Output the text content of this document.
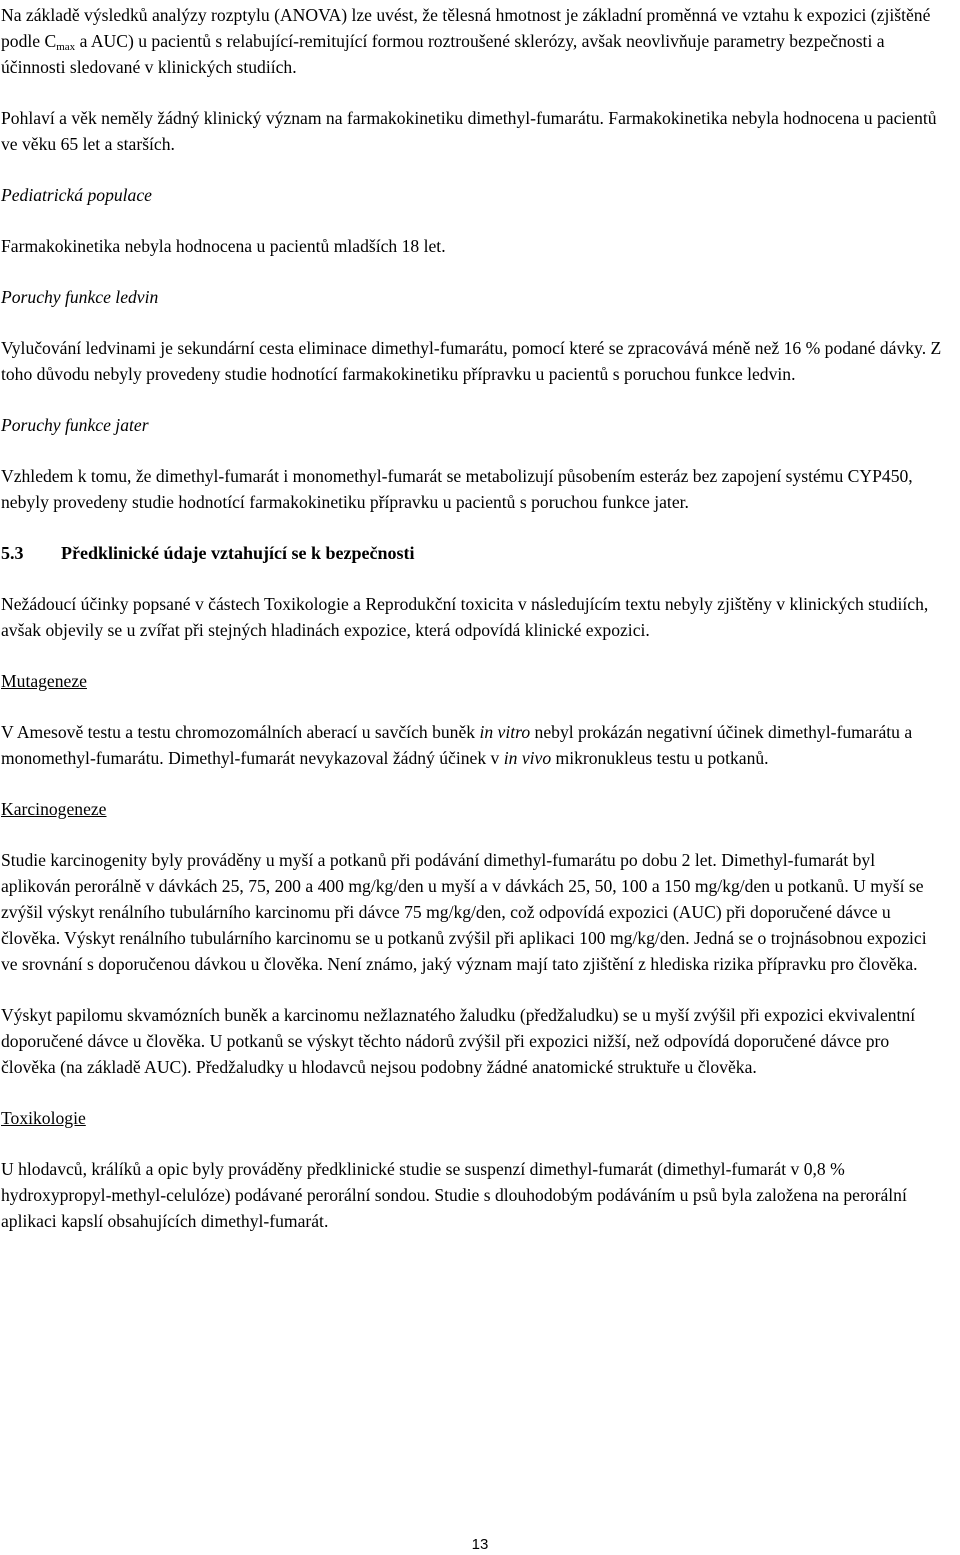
Na základě výsledků analýzy rozptylu (ANOVA) lze uvést, že tělesná hmotnost je základní proměnná ve vztahu k expozici (zjištěné podle $C_{max}$ a AUC) u pacientů s relabující-remitující formou roztroušené sklerózy, avšak neovlivňuje parametry bezpečnosti a účinnosti sledované v klinických studiích.

Pohlaví a věk neměly žádný klinický význam na farmakokinetiku dimethyl-fumarátu. Farmakokinetika nebyla hodnocena u pacientů ve věku 65 let a starších.

Pediatrická populace

Farmakokinetika nebyla hodnocena u pacientů mladších 18 let.

Poruchy funkce ledvin

Vylučování ledvinami je sekundární cesta eliminace dimethyl-fumarátu, pomocí které se zpracovává méně než 16 % podané dávky. Z toho důvodu nebyly provedeny studie hodnotící farmakokinetiku přípravku u pacientů s poruchou funkce ledvin.

Poruchy funkce jater

Vzhledem k tomu, že dimethyl-fumarát i monomethyl-fumarát se metabolizují působením esteráz bez zapojení systému CYP450, nebyly provedeny studie hodnotící farmakokinetiku přípravku u pacientů s poruchou funkce jater.

5.3	Předklinické údaje vztahující se k bezpečnosti

Nežádoucí účinky popsané v částech Toxikologie a Reprodukční toxicita v následujícím textu nebyly zjištěny v klinických studiích, avšak objevily se u zvířat při stejných hladinách expozice, která odpovídá klinické expozici.

Mutageneze

V Amesově testu a testu chromozomálních aberací u savčích buněk in vitro nebyl prokázán negativní účinek dimethyl-fumarátu a monomethyl-fumarátu. Dimethyl-fumarát nevykazoval žádný účinek v in vivo mikronukleus testu u potkanů.

Karcinogeneze

Studie karcinogenity byly prováděny u myší a potkanů při podávání dimethyl-fumarátu po dobu 2 let. Dimethyl-fumarát byl aplikován perorálně v dávkách 25, 75, 200 a 400 mg/kg/den u myší a v dávkách 25, 50, 100 a 150 mg/kg/den u potkanů. U myší se zvýšil výskyt renálního tubulárního karcinomu při dávce 75 mg/kg/den, což odpovídá expozici (AUC) při doporučené dávce u člověka. Výskyt renálního tubulárního karcinomu se u potkanů zvýšil při aplikaci 100 mg/kg/den. Jedná se o trojnásobnou expozici ve srovnání s doporučenou dávkou u člověka. Není známo, jaký význam mají tato zjištění z hlediska rizika přípravku pro člověka.

Výskyt papilomu skvamózních buněk a karcinomu nežlaznatého žaludku (předžaludku) se u myší zvýšil při expozici ekvivalentní doporučené dávce u člověka. U potkanů se výskyt těchto nádorů zvýšil při expozici nižší, než odpovídá doporučené dávce pro člověka (na základě AUC). Předžaludky u hlodavců nejsou podobny žádné anatomické struktuře u člověka.

Toxikologie

U hlodavců, králíků a opic byly prováděny předklinické studie se suspenzí dimethyl-fumarát (dimethyl-fumarát v 0,8 % hydroxypropyl-methyl-celulóze) podávané perorální sondou. Studie s dlouhodobým podáváním u psů byla založena na perorální aplikaci kapslí obsahujících dimethyl-fumarát.

13
